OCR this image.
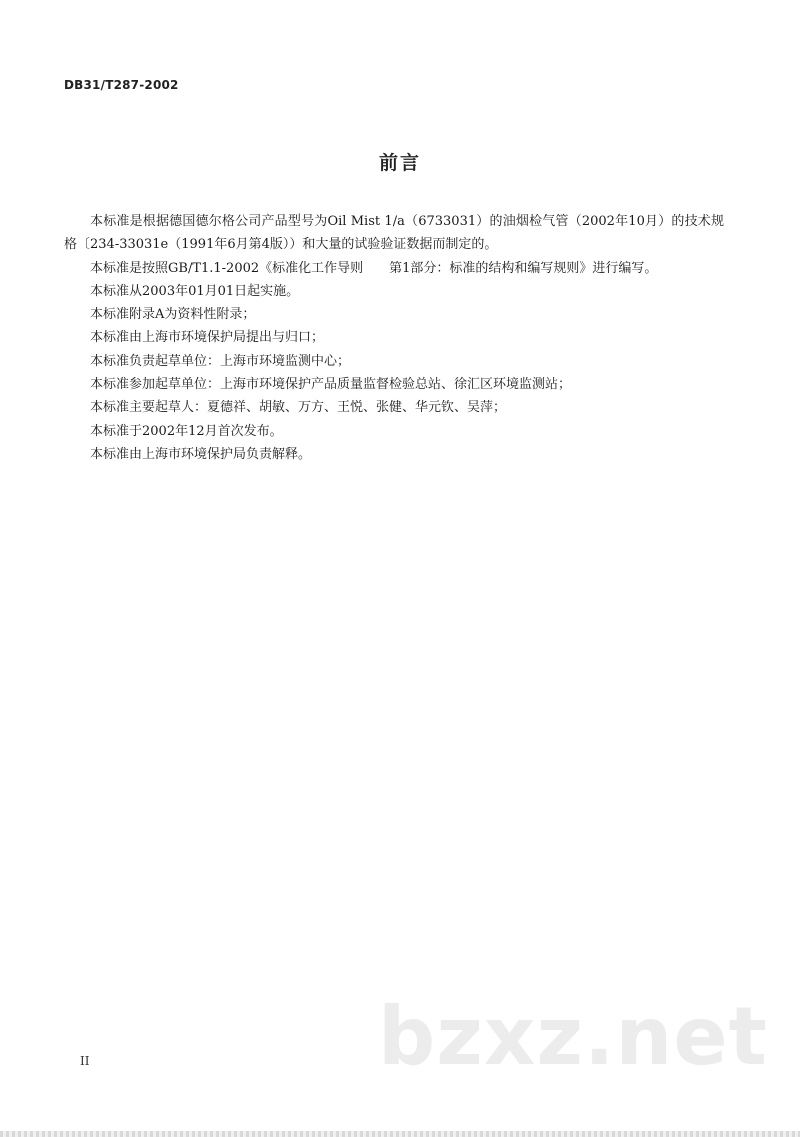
DB31/T287-2002
前言

本标准是根据德国德尔格公司产品型号为Oil Mist 1/a（6733031）的油烟检气管（2002年10月）的技术规格〔234-33031e（1991年6月第4版））和大量的试验验证数据而制定的。

本标准是按照GB/T1.1-2002《标准化工作导则　　第1部分：标准的结构和编写规则》进行编写。

本标准从2003年01月01日起实施。

本标准附录A为资料性附录；

本标准由上海市环境保护局提出与归口；

本标准负责起草单位：上海市环境监测中心；

本标准参加起草单位：上海市环境保护产品质量监督检验总站、徐汇区环境监测站；

本标准主要起草人：夏德祥、胡敏、万方、王悦、张健、华元钦、吴萍；

本标准于2002年12月首次发布。

本标准由上海市环境保护局负责解释。

bzxz.net
II
